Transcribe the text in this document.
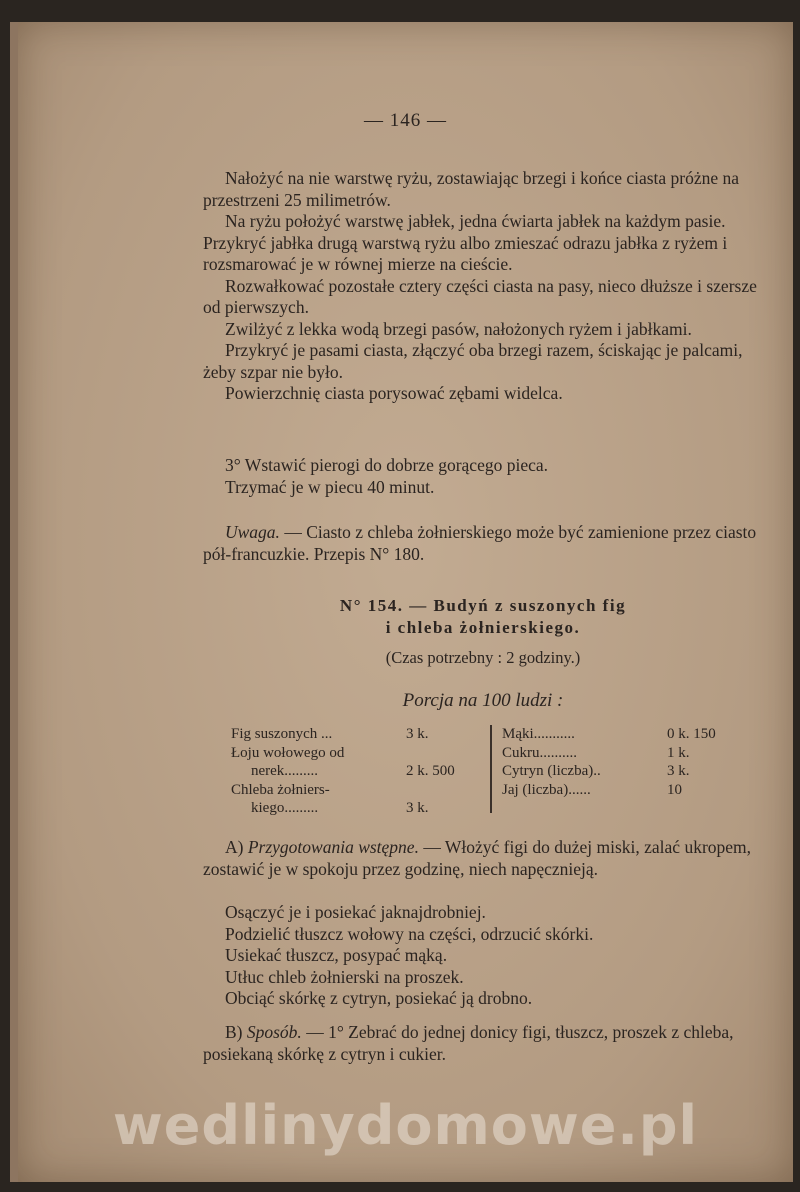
— 146 —

Nałożyć na nie warstwę ryżu, zostawiając brzegi i końce ciasta próżne na przestrzeni 25 milimetrów.

Na ryżu położyć warstwę jabłek, jedna ćwiarta jabłek na każdym pasie. Przykryć jabłka drugą warstwą ryżu albo zmieszać odrazu jabłka z ryżem i rozsmarować je w równej mierze na cieście.

Rozwałkować pozostałe cztery części ciasta na pasy, nieco dłuższe i szersze od pierwszych.

Zwilżyć z lekka wodą brzegi pasów, nałożonych ryżem i jabłkami.

Przykryć je pasami ciasta, złączyć oba brzegi razem, ściskając je palcami, żeby szpar nie było.

Powierzchnię ciasta porysować zębami widelca.

3° Wstawić pierogi do dobrze gorącego pieca.

Trzymać je w piecu 40 minut.

Uwaga. — Ciasto z chleba żołnierskiego może być zamienione przez ciasto pół-francuzkie. Przepis N° 180.

N° 154. — Budyń z suszonych fig
i chleba żołnierskiego.
(Czas potrzebny : 2 godziny.)
Porcja na 100 ludzi :
Fig suszonych ...	3 k.
Łoju wołowego od
nerek.........	2 k. 500
Chleba żołniers-
kiego.........	3 k.
Mąki...........	0 k. 150
Cukru..........	1 k.
Cytryn (liczba)..	3 k.
Jaj (liczba)......	10

A) Przygotowania wstępne. — Włożyć figi do dużej miski, zalać ukropem, zostawić je w spokoju przez godzinę, niech napęcznieją.

Osączyć je i posiekać jaknajdrobniej.

Podzielić tłuszcz wołowy na części, odrzucić skórki.

Usiekać tłuszcz, posypać mąką.

Utłuc chleb żołnierski na proszek.

Obciąć skórkę z cytryn, posiekać ją drobno.

B) Sposób. — 1° Zebrać do jednej donicy figi, tłuszcz, proszek z chleba, posiekaną skórkę z cytryn i cukier.

wedlinydomowe.pl
